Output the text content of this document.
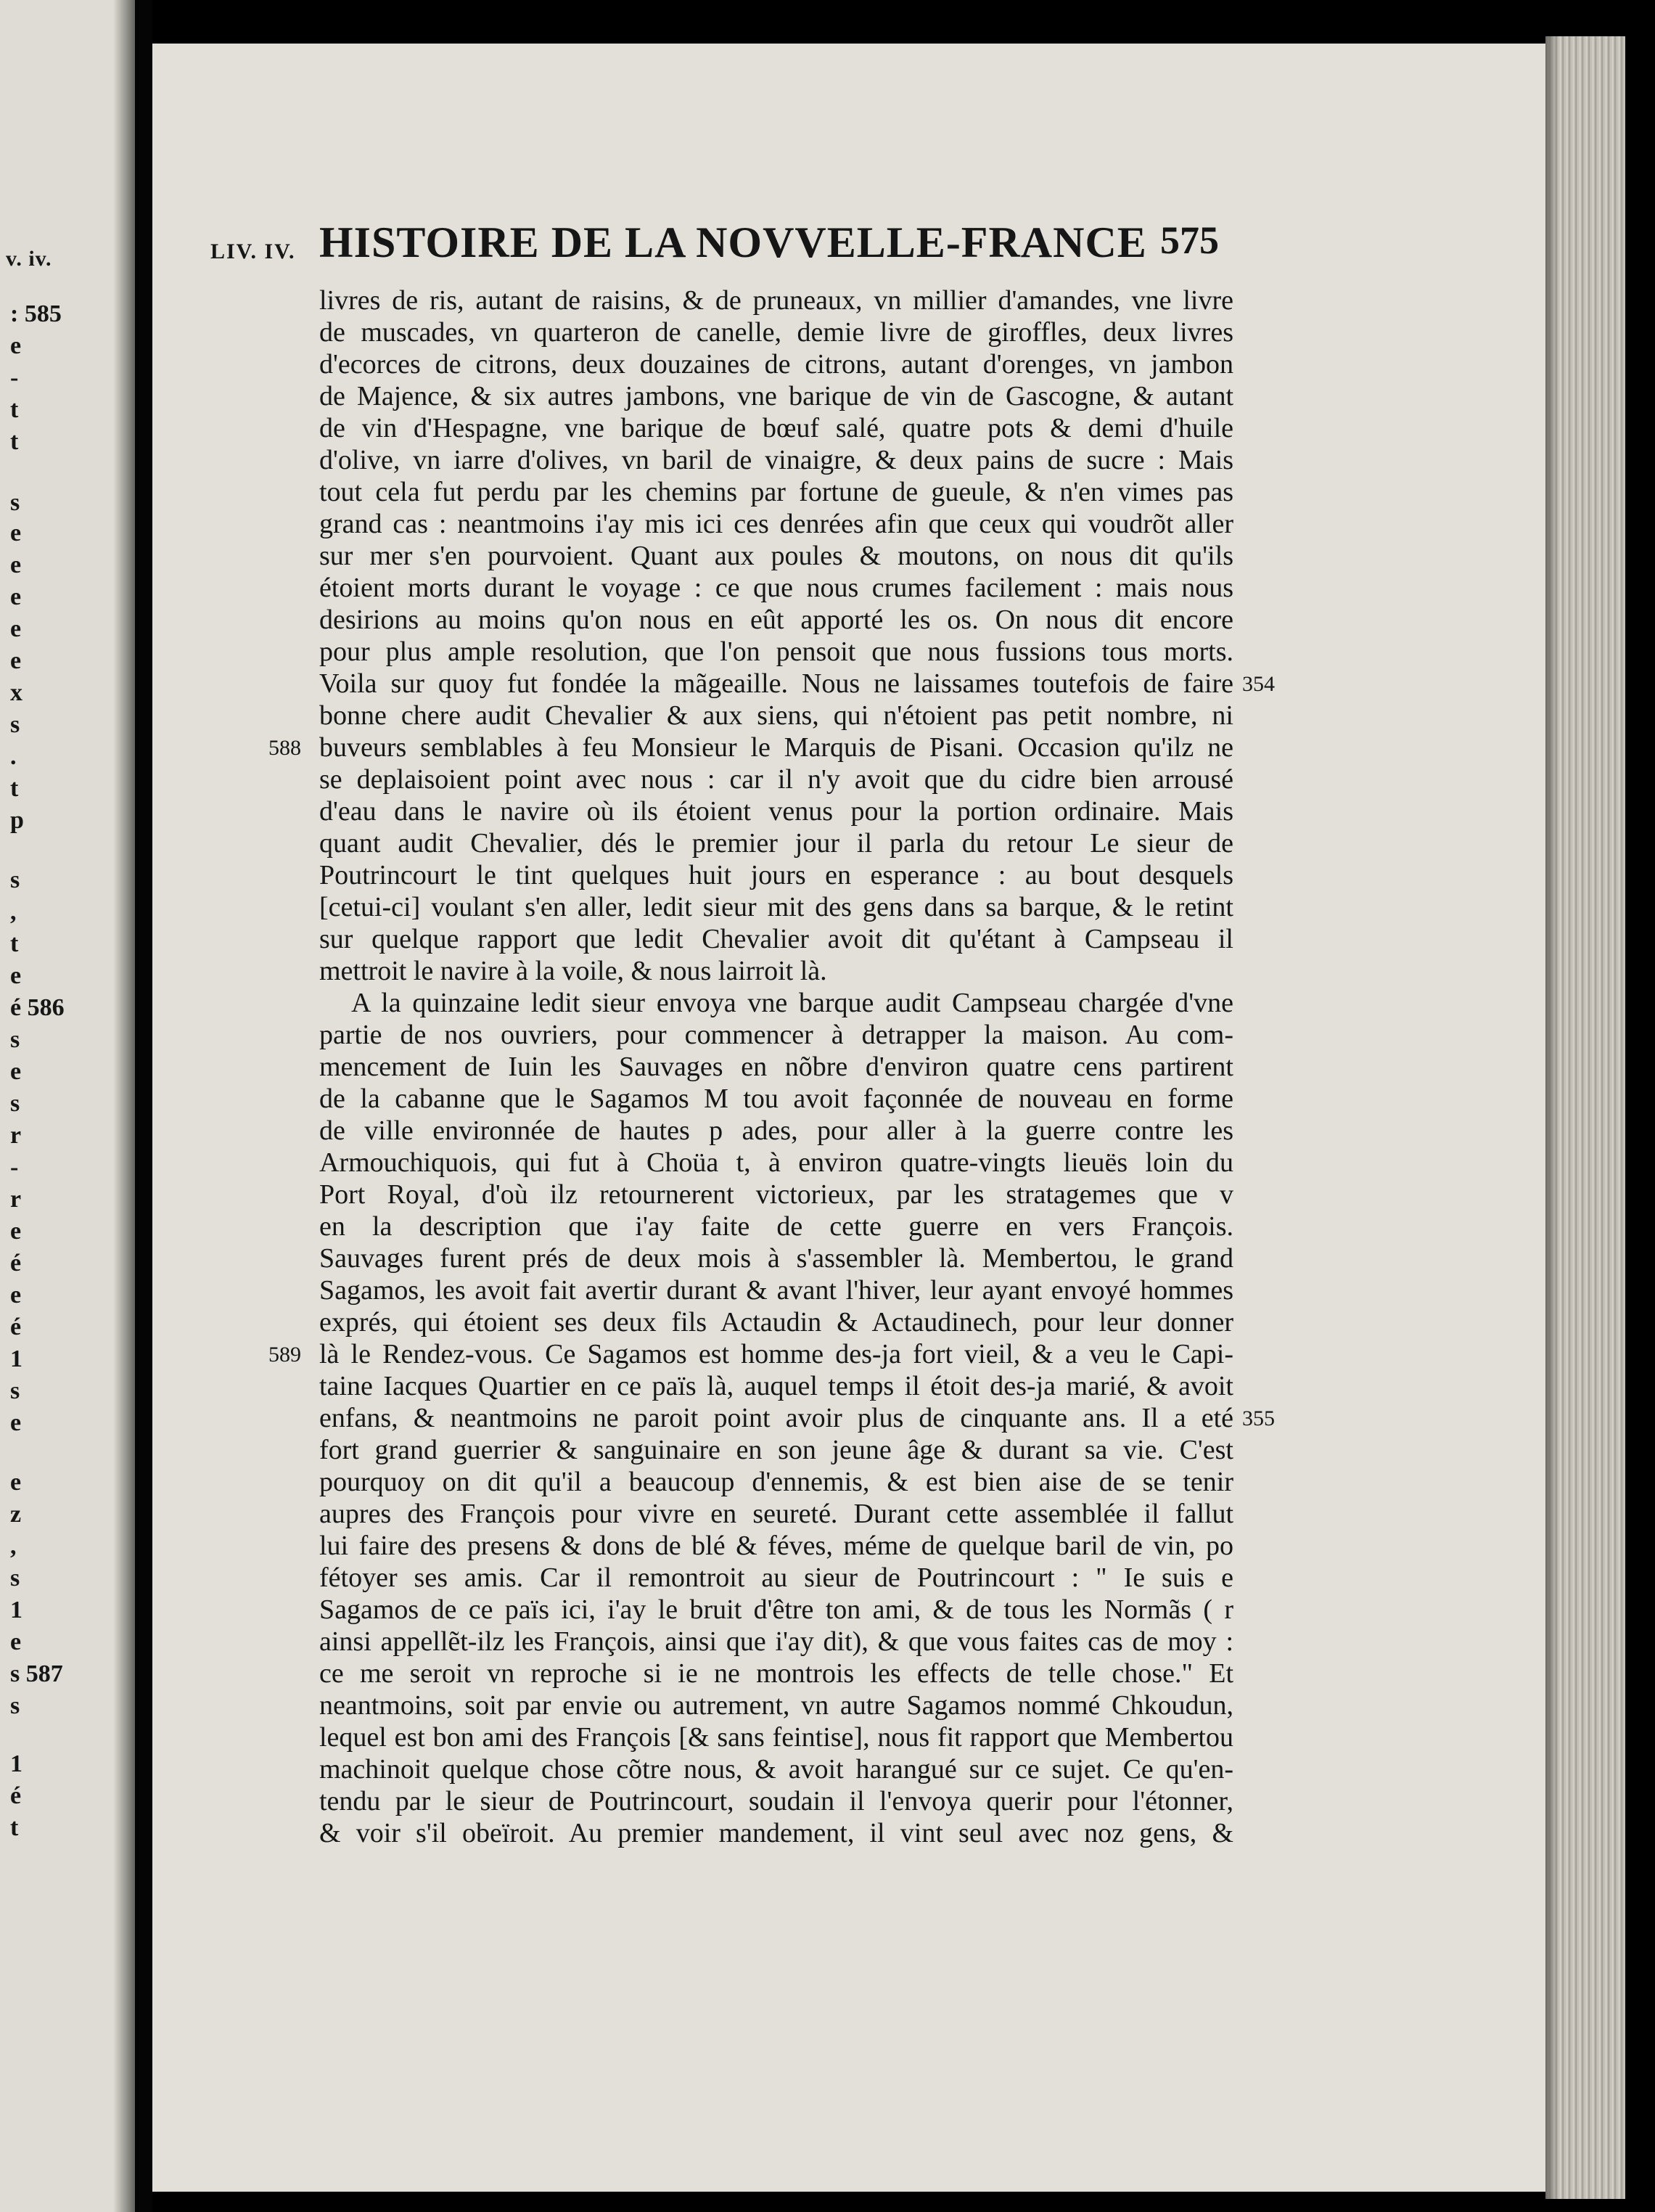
v. iv.
: 585
e
-
t
t
s
e
e
e
e
e
x
s
.
t
p
s
,
t
e
é 586
s
e
s
r
-
r
e
é
e
é
1
s
e
e
z
,
s
1
e
s 587
s
1
é
t
LIV. IV. HISTOIRE DE LA NOVVELLE-FRANCE 575
livres de ris, autant de raisins, & de pruneaux, vn millier d'amandes, vne livre
de muscades, vn quarteron de canelle, demie livre de giroffles, deux livres
d'ecorces de citrons, deux douzaines de citrons, autant d'orenges, vn jambon
de Majence, & six autres jambons, vne barique de vin de Gascogne, & autant
de vin d'Hespagne, vne barique de bœuf salé, quatre pots & demi d'huile
d'olive, vn iarre d'olives, vn baril de vinaigre, & deux pains de sucre : Mais
tout cela fut perdu par les chemins par fortune de gueule, & n'en vimes pas
grand cas : neantmoins i'ay mis ici ces denrées afin que ceux qui voudrõt aller
sur mer s'en pourvoient. Quant aux poules & moutons, on nous dit qu'ils
étoient morts durant le voyage : ce que nous crumes facilement : mais nous
desirions au moins qu'on nous en eût apporté les os. On nous dit encore
pour plus ample resolution, que l'on pensoit que nous fussions tous morts.
Voila sur quoy fut fondée la mãgeaille. Nous ne laissames toutefois de faire
bonne chere audit Chevalier & aux siens, qui n'étoient pas petit nombre, ni
buveurs semblables à feu Monsieur le Marquis de Pisani. Occasion qu'ilz ne
se deplaisoient point avec nous : car il n'y avoit que du cidre bien arrousé
d'eau dans le navire où ils étoient venus pour la portion ordinaire. Mais
quant audit Chevalier, dés le premier jour il parla du retour Le sieur de
Poutrincourt le tint quelques huit jours en esperance : au bout desquels
[cetui-ci] voulant s'en aller, ledit sieur mit des gens dans sa barque, & le retint
sur quelque rapport que ledit Chevalier avoit dit qu'étant à Campseau il
mettroit le navire à la voile, & nous lairroit là.
A la quinzaine ledit sieur envoya vne barque audit Campseau chargée d'vne
partie de nos ouvriers, pour commencer à detrapper la maison. Au com-
mencement de Iuin les Sauvages en nõbre d'environ quatre cens partirent
de la cabanne que le Sagamos M tou avoit façonnée de nouveau en forme
de ville environnée de hautes p ades, pour aller à la guerre contre les
Armouchiquois, qui fut à Choüa t, à environ quatre-vingts lieuës loin du
Port Royal, d'où ilz retournerent victorieux, par les stratagemes que v
en la description que i'ay faite de cette guerre en vers François.
Sauvages furent prés de deux mois à s'assembler là. Membertou, le grand
Sagamos, les avoit fait avertir durant & avant l'hiver, leur ayant envoyé hommes
exprés, qui étoient ses deux fils Actaudin & Actaudinech, pour leur donner
là le Rendez-vous. Ce Sagamos est homme des-ja fort vieil, & a veu le Capi-
taine Iacques Quartier en ce païs là, auquel temps il étoit des-ja marié, & avoit
enfans, & neantmoins ne paroit point avoir plus de cinquante ans. Il a eté
fort grand guerrier & sanguinaire en son jeune âge & durant sa vie. C'est
pourquoy on dit qu'il a beaucoup d'ennemis, & est bien aise de se tenir
aupres des François pour vivre en seureté. Durant cette assemblée il fallut
lui faire des presens & dons de blé & féves, méme de quelque baril de vin, po
fétoyer ses amis. Car il remontroit au sieur de Poutrincourt : " Ie suis e
Sagamos de ce païs ici, i'ay le bruit d'être ton ami, & de tous les Normãs ( r
ainsi appellẽt-ilz les François, ainsi que i'ay dit), & que vous faites cas de moy :
ce me seroit vn reproche si ie ne montrois les effects de telle chose." Et
neantmoins, soit par envie ou autrement, vn autre Sagamos nommé Chkoudun,
lequel est bon ami des François [& sans feintise], nous fit rapport que Membertou
machinoit quelque chose cõtre nous, & avoit harangué sur ce sujet. Ce qu'en-
tendu par le sieur de Poutrincourt, soudain il l'envoya querir pour l'étonner,
& voir s'il obeïroit. Au premier mandement, il vint seul avec noz gens, &
354
588
589
355
